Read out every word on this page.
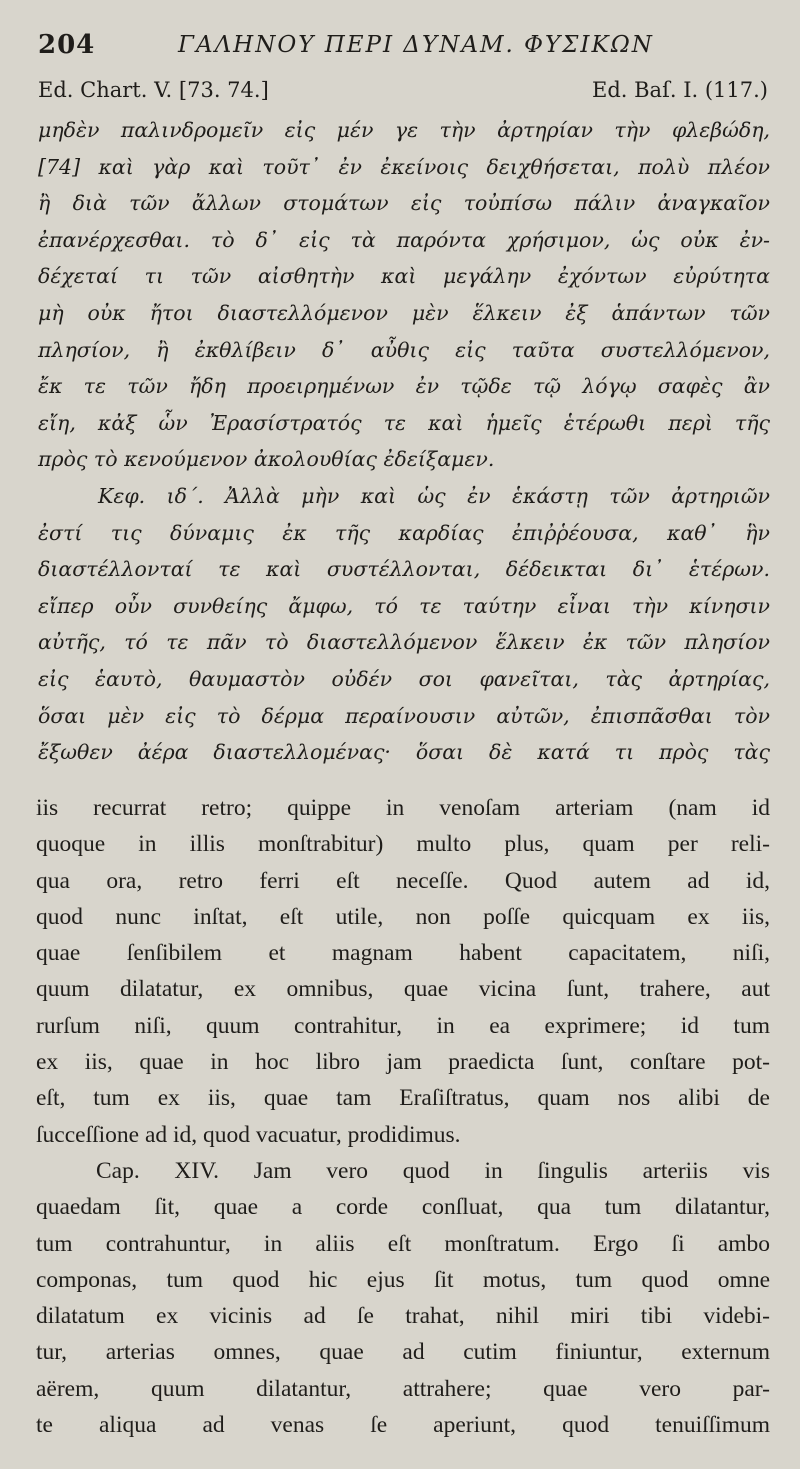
204	ΓΑΛΗΝΟΥ ΠΕΡΙ ΔΥΝΑΜ. ΦΥΣΙΚΩΝ
Ed. Chart. V. [73. 74.]	Ed. Baſ. I. (117.)
μηδὲν παλινδρομεῖν εἰς μέν γε τὴν ἀρτηρίαν τὴν φλεβώδη,
[74] καὶ γὰρ καὶ τοῦτ᾽ ἐν ἐκείνοις δειχθήσεται, πολὺ πλέον
ἢ διὰ τῶν ἄλλων στομάτων εἰς τοὐπίσω πάλιν ἀναγκαῖον
ἐπανέρχεσθαι. τὸ δ᾽ εἰς τὰ παρόντα χρήσιμον, ὡς οὐκ ἐν-
δέχεταί τι τῶν αἰσθητὴν καὶ μεγάλην ἐχόντων εὐρύτητα
μὴ οὐκ ἤτοι διαστελλόμενον μὲν ἕλκειν ἐξ ἁπάντων τῶν
πλησίον, ἢ ἐκθλίβειν δ᾽ αὖθις εἰς ταῦτα συστελλόμενον,
ἔκ τε τῶν ἤδη προειρημένων ἐν τῷδε τῷ λόγῳ σαφὲς ἂν
εἴη, κἀξ ὧν Ἐρασίστρατός τε καὶ ἡμεῖς ἑτέρωθι περὶ τῆς
πρὸς τὸ κενούμενον ἀκολουθίας ἐδείξαμεν.
Κεφ. ιδ΄. Ἀλλὰ μὴν καὶ ὡς ἐν ἑκάστῃ τῶν ἀρτηριῶν
ἐστί τις δύναμις ἐκ τῆς καρδίας ἐπιῤῥέουσα, καθ᾽ ἣν
διαστέλλονταί τε καὶ συστέλλονται, δέδεικται δι᾽ ἑτέρων.
εἴπερ οὖν συνθείης ἄμφω, τό τε ταύτην εἶναι τὴν κίνησιν
αὐτῆς, τό τε πᾶν τὸ διαστελλόμενον ἕλκειν ἐκ τῶν πλησίον
εἰς ἑαυτὸ, θαυμαστὸν οὐδέν σοι φανεῖται, τὰς ἀρτηρίας,
ὅσαι μὲν εἰς τὸ δέρμα περαίνουσιν αὐτῶν, ἐπισπᾶσθαι τὸν
ἔξωθεν ἀέρα διαστελλομένας· ὅσαι δὲ κατά τι πρὸς τὰς
iis recurrat retro; quippe in venoſam arteriam (nam id
quoque in illis monſtrabitur) multo plus, quam per reli-
qua ora, retro ferri eſt neceſſe. Quod autem ad id,
quod nunc inſtat, eſt utile, non poſſe quicquam ex iis,
quae ſenſibilem et magnam habent capacitatem, niſi,
quum dilatatur, ex omnibus, quae vicina ſunt, trahere, aut
rurſum niſi, quum contrahitur, in ea exprimere; id tum
ex iis, quae in hoc libro jam praedicta ſunt, conſtare pot-
eſt, tum ex iis, quae tam Eraſiſtratus, quam nos alibi de
ſucceſſione ad id, quod vacuatur, prodidimus.
Cap. XIV. Jam vero quod in ſingulis arteriis vis
quaedam ſit, quae a corde conſluat, qua tum dilatantur,
tum contrahuntur, in aliis eſt monſtratum. Ergo ſi ambo
componas, tum quod hic ejus ſit motus, tum quod omne
dilatatum ex vicinis ad ſe trahat, nihil miri tibi videbi-
tur, arterias omnes, quae ad cutim finiuntur, externum
aërem, quum dilatantur, attrahere; quae vero par-
te aliqua ad venas ſe aperiunt, quod tenuiſſimum
